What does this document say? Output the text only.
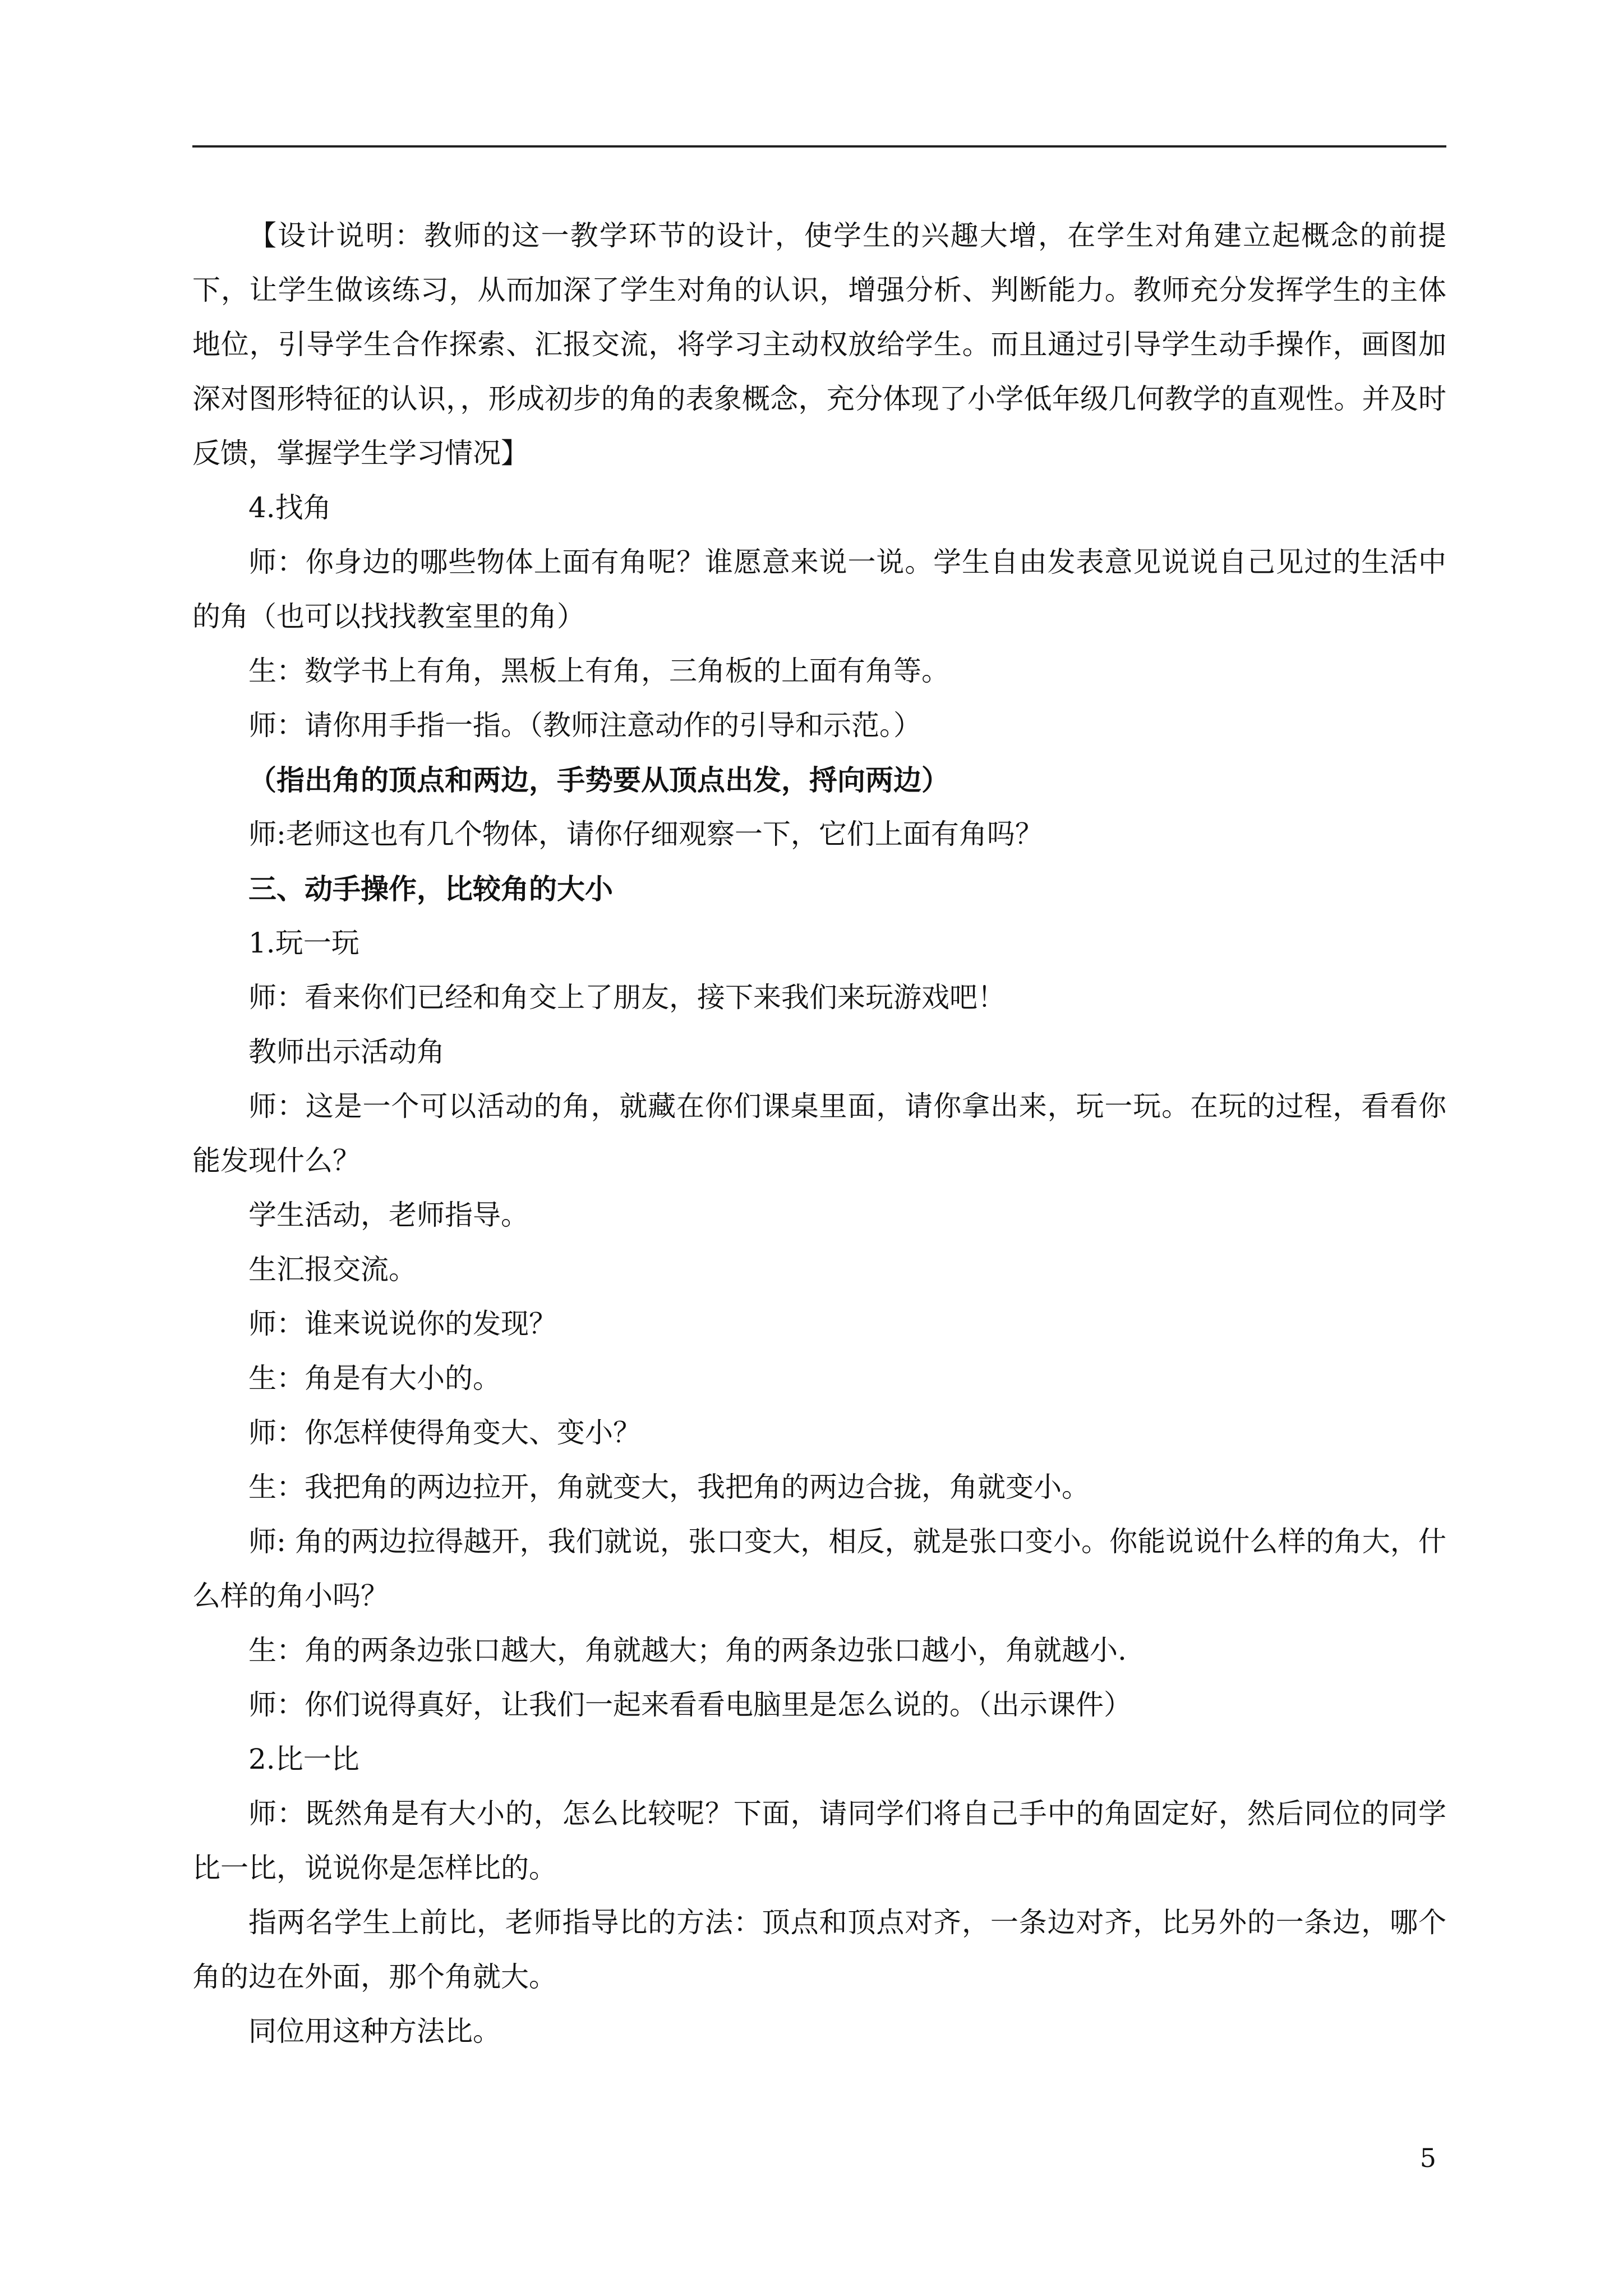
【设计说明：教师的这一教学环节的设计，使学生的兴趣大增，在学生对角建立起概念的前提下，让学生做该练习，从而加深了学生对角的认识，增强分析、判断能力。教师充分发挥学生的主体地位，引导学生合作探索、汇报交流，将学习主动权放给学生。而且通过引导学生动手操作，画图加深对图形特征的认识，，形成初步的角的表象概念，充分体现了小学低年级几何教学的直观性。并及时反馈，掌握学生学习情况】

4.找角

师：你身边的哪些物体上面有角呢？谁愿意来说一说。学生自由发表意见说说自己见过的生活中的角（也可以找找教室里的角）

生：数学书上有角，黑板上有角，三角板的上面有角等。

师：请你用手指一指。（教师注意动作的引导和示范。）

（指出角的顶点和两边，手势要从顶点出发，捋向两边）

师:老师这也有几个物体，请你仔细观察一下，它们上面有角吗？

三、动手操作，比较角的大小

1.玩一玩

师：看来你们已经和角交上了朋友，接下来我们来玩游戏吧！

教师出示活动角

师：这是一个可以活动的角，就藏在你们课桌里面，请你拿出来，玩一玩。在玩的过程，看看你能发现什么？

学生活动，老师指导。

生汇报交流。

师：谁来说说你的发现？

生：角是有大小的。

师：你怎样使得角变大、变小？

生：我把角的两边拉开，角就变大，我把角的两边合拢，角就变小。

师: 角的两边拉得越开，我们就说，张口变大，相反，就是张口变小。你能说说什么样的角大，什么样的角小吗？

生：角的两条边张口越大，角就越大；角的两条边张口越小，角就越小.

师：你们说得真好，让我们一起来看看电脑里是怎么说的。（出示课件）

2.比一比

师：既然角是有大小的，怎么比较呢？下面，请同学们将自己手中的角固定好，然后同位的同学比一比，说说你是怎样比的。

指两名学生上前比，老师指导比的方法：顶点和顶点对齐，一条边对齐，比另外的一条边，哪个角的边在外面，那个角就大。

同位用这种方法比。

5
